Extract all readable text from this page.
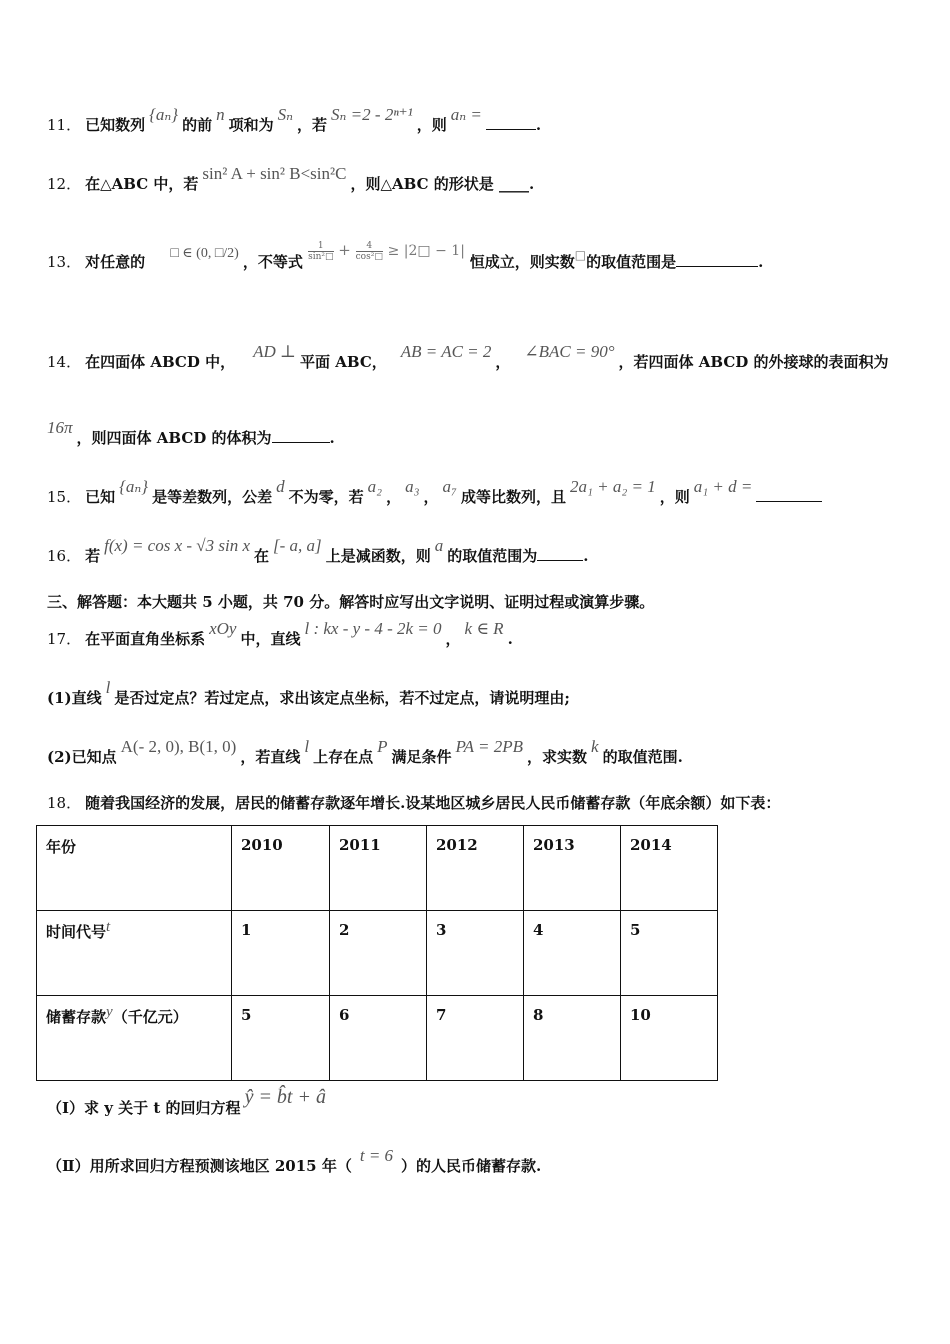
11． 已知数列{aₙ}的前n项和为Sₙ，若Sₙ =2 - 2ⁿ⁺¹，则aₙ =.
12． 在△ABC 中，若sin² A + sin² B<sin²C，则△ABC 的形状是 ____.
13． 对任意的 □ ∈ (0, □/2) ，不等式
$\frac{1}{\text{sin²□}} + \frac{4}{\text{cos²□}}$ ≥ |2□ − 1| 恒成立，则实数□的取值范围是	.
14． 在四面体 ABCD 中，AD ⊥平面 ABC，AB = AC = 2，∠BAC = 90°，若四面体 ABCD 的外接球的表面积为
16π，则四面体 ABCD 的体积为	.
15． 已知{aₙ}是等差数列，公差d不为零，若a₂，a₃，a₇成等比数列，且2a₁ + a₂ = 1，则a₁ + d =
16． 若f(x) = cos x - √3 sin x在[- a, a]上是减函数，则a的取值范围为	.
三、解答题：本大题共 5 小题，共 70 分。解答时应写出文字说明、证明过程或演算步骤。
17． 在平面直角坐标系xOy中，直线l : kx - y - 4 - 2k = 0，k ∈ R.
(1)直线l是否过定点？若过定点，求出该定点坐标，若不过定点，请说明理由;
(2)已知点A(- 2, 0), B(1, 0)，若直线l上存在点P满足条件PA = 2PB，求实数k的取值范围.
18． 随着我国经济的发展，居民的储蓄存款逐年增长.设某地区城乡居民人民币储蓄存款（年底余额）如下表：
年份	2010	2011	2012	2013	2014
时间代号t	1	2	3	4	5
储蓄存款y（千亿元）	5	6	7	8	10
（Ⅰ）求 y 关于 t 的回归方程 ŷ = b̂t + â
（Ⅱ）用所求回归方程预测该地区 2015 年（t = 6）的人民币储蓄存款.
